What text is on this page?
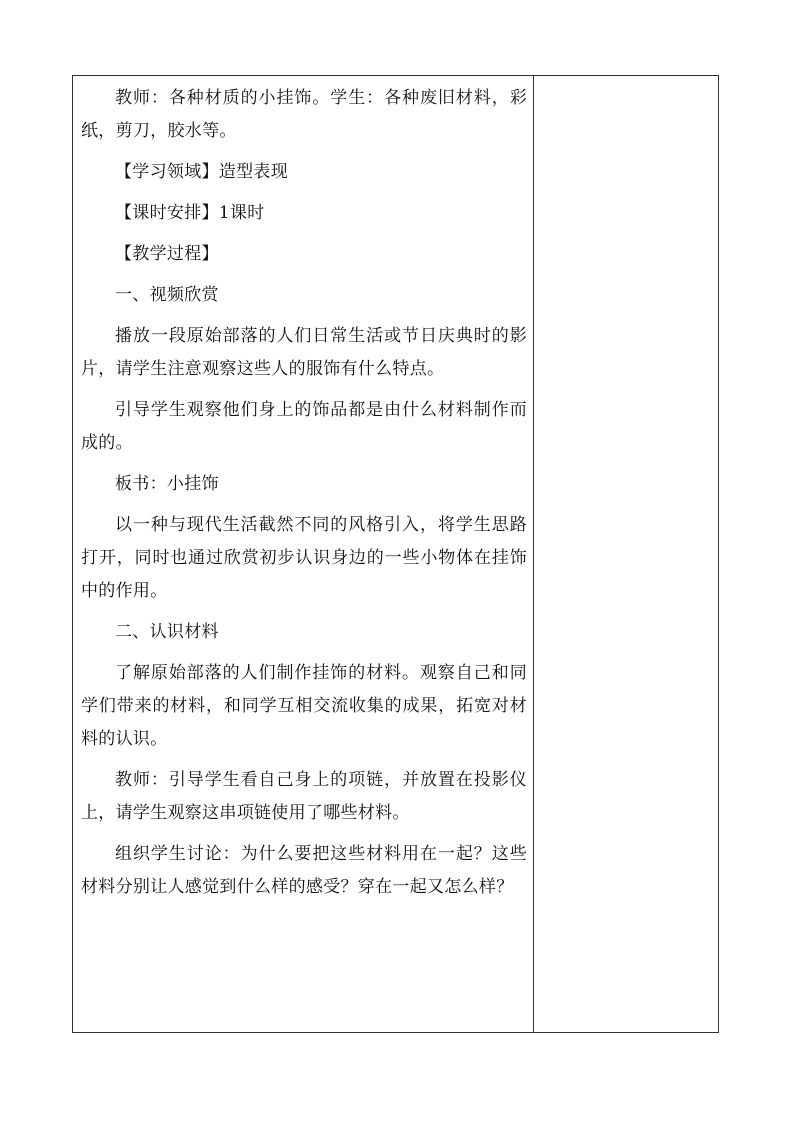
教师：各种材质的小挂饰。学生：各种废旧材料，彩纸，剪刀，胶水等。

【学习领域】造型表现

【课时安排】1课时

【教学过程】

一、视频欣赏

播放一段原始部落的人们日常生活或节日庆典时的影片，请学生注意观察这些人的服饰有什么特点。

引导学生观察他们身上的饰品都是由什么材料制作而成的。

板书：小挂饰

以一种与现代生活截然不同的风格引入，将学生思路打开，同时也通过欣赏初步认识身边的一些小物体在挂饰中的作用。

二、认识材料

了解原始部落的人们制作挂饰的材料。观察自己和同学们带来的材料，和同学互相交流收集的成果，拓宽对材料的认识。

教师：引导学生看自己身上的项链，并放置在投影仪上，请学生观察这串项链使用了哪些材料。

组织学生讨论：为什么要把这些材料用在一起？这些材料分别让人感觉到什么样的感受？穿在一起又怎么样？
